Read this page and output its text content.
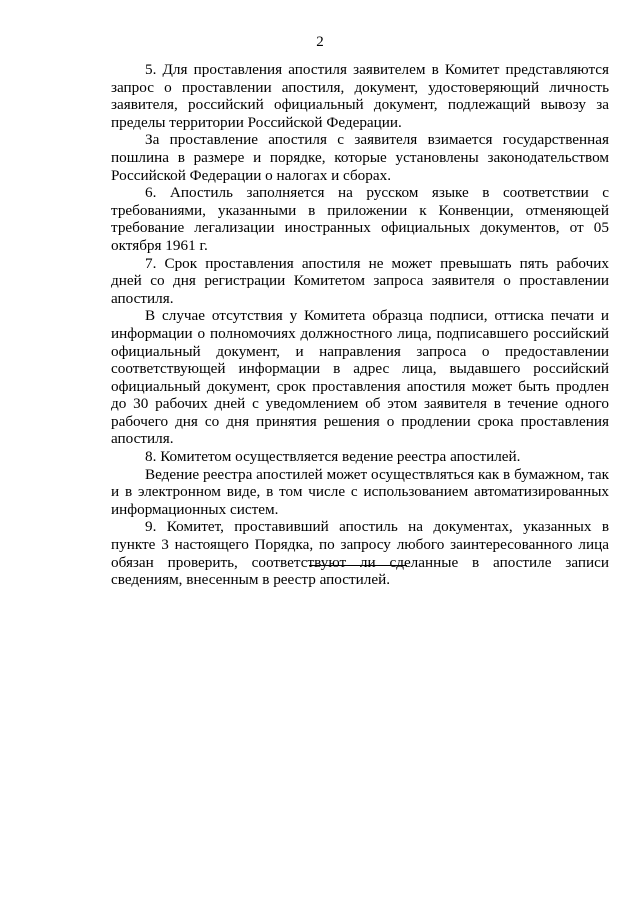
2

5. Для проставления апостиля заявителем в Комитет представляются запрос о проставлении апостиля, документ, удостоверяющий личность заявителя, российский официальный документ, подлежащий вывозу за пределы территории Российской Федерации.

За проставление апостиля с заявителя взимается государственная пошлина в размере и порядке, которые установлены законодательством Российской Федерации о налогах и сборах.

6. Апостиль заполняется на русском языке в соответствии с требованиями, указанными в приложении к Конвенции, отменяющей требование легализации иностранных официальных документов, от 05 октября 1961 г.

7. Срок проставления апостиля не может превышать пять рабочих дней со дня регистрации Комитетом запроса заявителя о проставлении апостиля.

В случае отсутствия у Комитета образца подписи, оттиска печати и информации о полномочиях должностного лица, подписавшего российский официальный документ, и направления запроса о предоставлении соответствующей информации в адрес лица, выдавшего российский официальный документ, срок проставления апостиля может быть продлен до 30 рабочих дней с уведомлением об этом заявителя в течение одного рабочего дня со дня принятия решения о продлении срока проставления апостиля.

8. Комитетом осуществляется ведение реестра апостилей.

Ведение реестра апостилей может осуществляться как в бумажном, так и в электронном виде, в том числе с использованием автоматизированных информационных систем.

9. Комитет, проставивший апостиль на документах, указанных в пункте 3 настоящего Порядка, по запросу любого заинтересованного лица обязан проверить, соответствуют ли сделанные в апостиле записи сведениям, внесенным в реестр апостилей.
